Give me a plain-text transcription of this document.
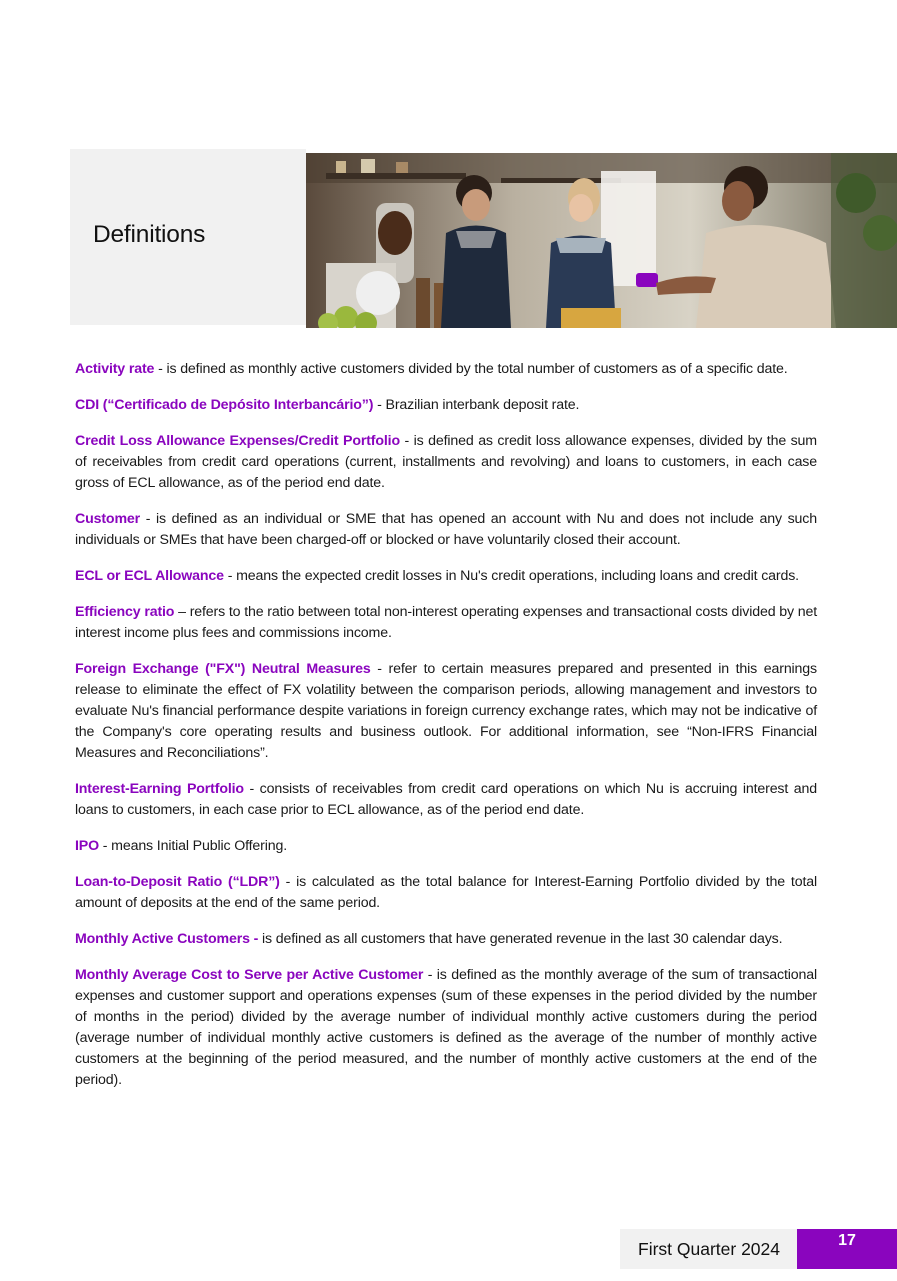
Definitions

Activity rate - is defined as monthly active customers divided by the total number of customers as of a specific date.

CDI (“Certificado de Depósito Interbancário”) - Brazilian interbank deposit rate.

Credit Loss Allowance Expenses/Credit Portfolio - is defined as credit loss allowance expenses, divided by the sum of receivables from credit card operations (current, installments and revolving) and loans to customers, in each case gross of ECL allowance, as of the period end date.

Customer - is defined as an individual or SME that has opened an account with Nu and does not include any such individuals or SMEs that have been charged-off or blocked or have voluntarily closed their account.

ECL or ECL Allowance - means the expected credit losses in Nu's credit operations, including loans and credit cards.

Efficiency ratio – refers to the ratio between total non-interest operating expenses and transactional costs divided by net interest income plus fees and commissions income.

Foreign Exchange ("FX") Neutral Measures - refer to certain measures prepared and presented in this earnings release to eliminate the effect of FX volatility between the comparison periods, allowing management and investors to evaluate Nu's financial performance despite variations in foreign currency exchange rates, which may not be indicative of the Company's core operating results and business outlook. For additional information, see “Non-IFRS Financial Measures and Reconciliations”.

Interest-Earning Portfolio - consists of receivables from credit card operations on which Nu is accruing interest and loans to customers, in each case prior to ECL allowance, as of the period end date.

IPO - means Initial Public Offering.

Loan-to-Deposit Ratio (“LDR”) - is calculated as the total balance for Interest-Earning Portfolio divided by the total amount of deposits at the end of the same period.

Monthly Active Customers - is defined as all customers that have generated revenue in the last 30 calendar days.

Monthly Average Cost to Serve per Active Customer - is defined as the monthly average of the sum of transactional expenses and customer support and operations expenses (sum of these expenses in the period divided by the number of months in the period) divided by the average number of individual monthly active customers during the period (average number of individual monthly active customers is defined as the average of the number of monthly active customers at the beginning of the period measured, and the number of monthly active customers at the end of the period).

First Quarter 2024	17
